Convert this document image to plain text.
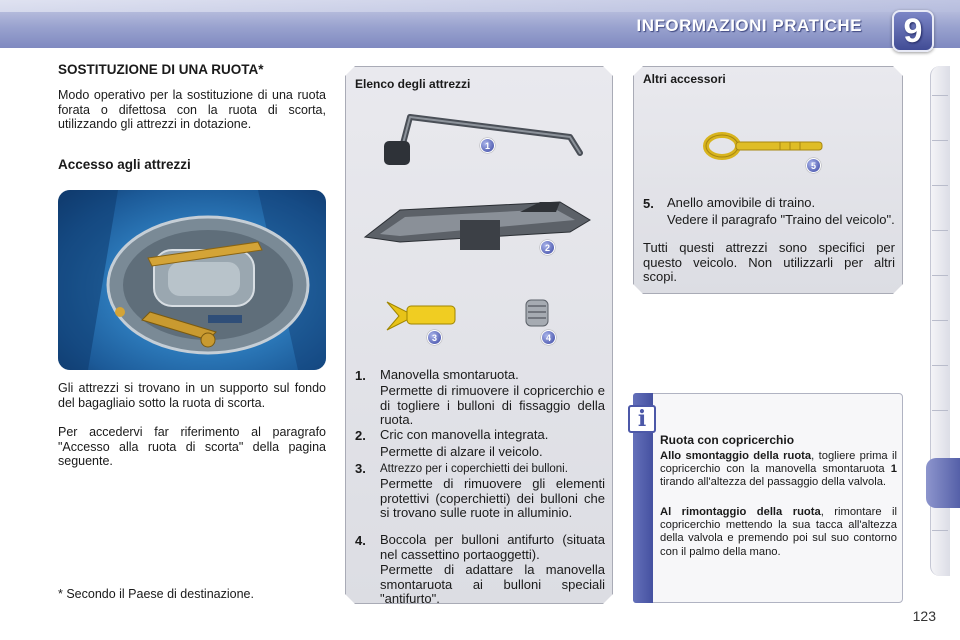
INFORMAZIONI PRATICHE	9
SOSTITUZIONE DI UNA RUOTA*
Modo operativo per la sostituzione di una ruota forata o difettosa con la ruota di scorta, utilizzando gli attrezzi in dotazione.
Accesso agli attrezzi
Gli attrezzi si trovano in un supporto sul fondo del bagagliaio sotto la ruota di scorta.
Per accedervi far riferimento al paragrafo "Accesso alla ruota di scorta" della pagina seguente.
* Secondo il Paese di destinazione.
Elenco degli attrezzi
1
2
3	4
1. Manovella smontaruota.
Permette di rimuovere il copricerchio e di togliere i bulloni di fissaggio della ruota.
2. Cric con manovella integrata.
Permette di alzare il veicolo.
3. Attrezzo per i coperchietti dei bulloni.
Permette di rimuovere gli elementi protettivi (coperchietti) dei bulloni che si trovano sulle ruote in alluminio.
4. Boccola per bulloni antifurto (situata nel cassettino portaoggetti).
Permette di adattare la manovella smontaruota ai bulloni speciali "antifurto".
Altri accessori
5
5. Anello amovibile di traino.
Vedere il paragrafo "Traino del veicolo".
Tutti questi attrezzi sono specifici per questo veicolo. Non utilizzarli per altri scopi.
i
Ruota con copricerchio
Allo smontaggio della ruota, togliere prima il copricerchio con la manovella smontaruota 1 tirando all'altezza del passaggio della valvola.
Al rimontaggio della ruota, rimontare il copricerchio mettendo la sua tacca all'altezza della valvola e premendo poi sul suo contorno con il palmo della mano.
123
